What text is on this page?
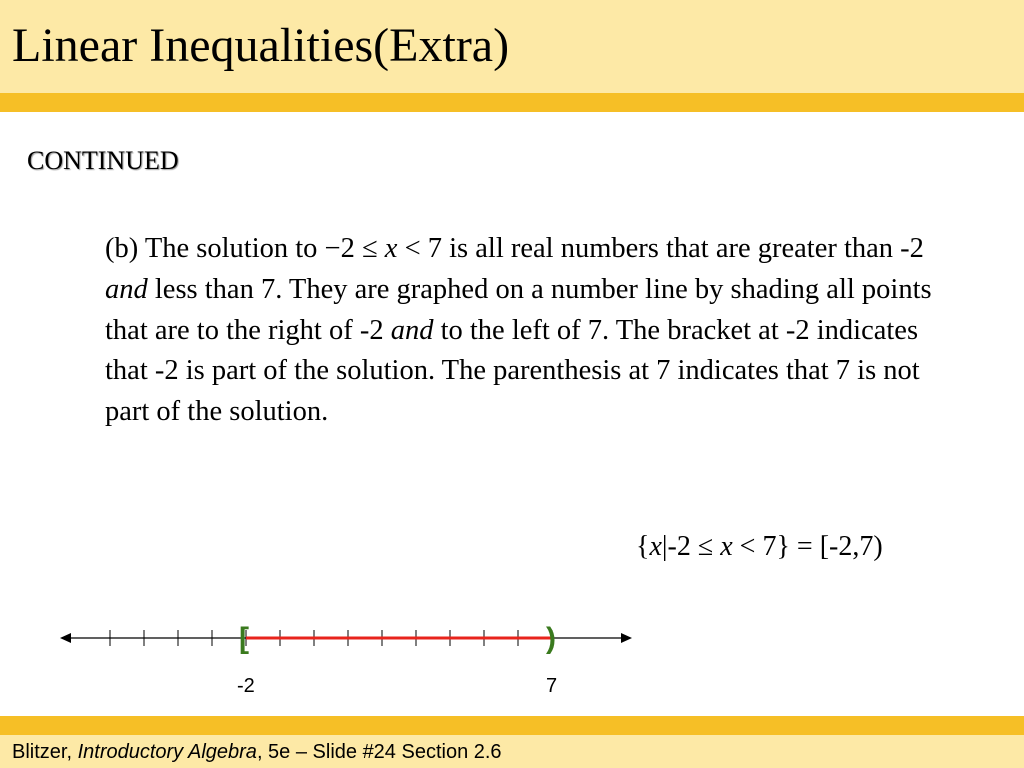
Linear Inequalities(Extra)
CONTINUED
(b) The solution to −2 ≤ x < 7 is all real numbers that are greater than -2 and less than 7. They are graphed on a number line by shading all points that are to the right of -2 and to the left of 7. The bracket at -2 indicates that -2 is part of the solution. The parenthesis at 7 indicates that 7 is not part of the solution.
{x|-2 ≤ x < 7} = [-2,7)
[	)
-2	7
Blitzer, Introductory Algebra, 5e – Slide #24 Section 2.6
